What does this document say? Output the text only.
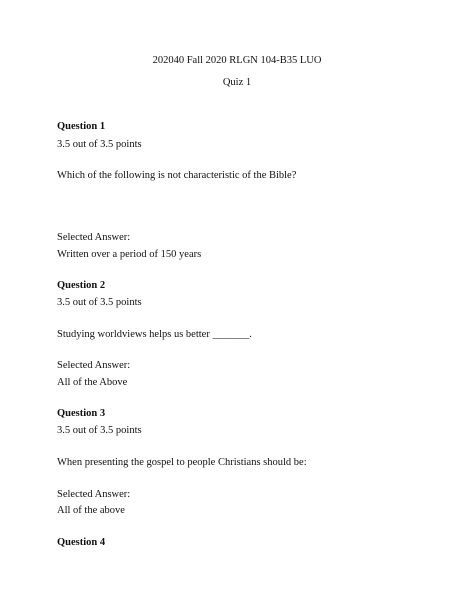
202040 Fall 2020 RLGN 104-B35 LUO
Quiz 1
Question 1
3.5 out of 3.5 points
Which of the following is not characteristic of the Bible?
Selected Answer:
Written over a period of 150 years
Question 2
3.5 out of 3.5 points
Studying worldviews helps us better _______.
Selected Answer:
All of the Above
Question 3
3.5 out of 3.5 points
When presenting the gospel to people Christians should be:
Selected Answer:
All of the above
Question 4
